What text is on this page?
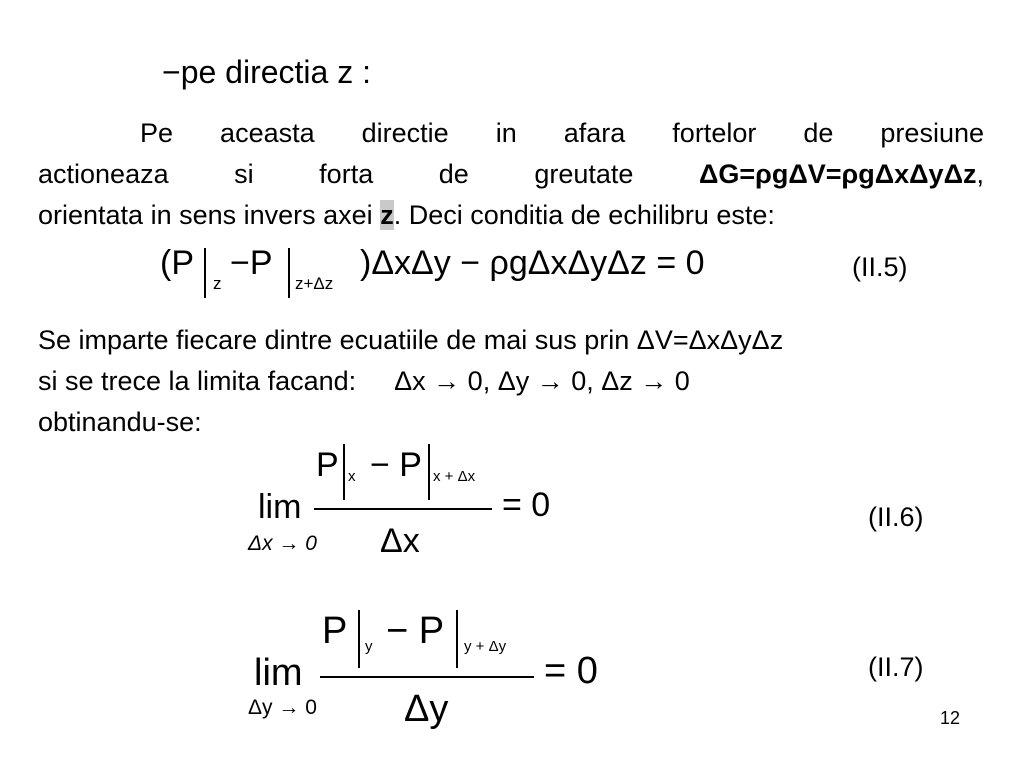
−pe directia z :
Pe aceasta directie in afara fortelor de presiune
actioneaza si forta de greutate ΔG=ρgΔV=ρgΔxΔyΔz,
orientata in sens invers axei z. Deci conditia de echilibru este:
(P
z
−P
z+Δz
)ΔxΔy − ρgΔxΔyΔz = 0	(II.5)
Se imparte fiecare dintre ecuatiile de mai sus prin ΔV=ΔxΔyΔz
si se trece la limita facand: Δx → 0, Δy → 0, Δz → 0
obtinandu-se:
lim
Δx → 0
P x − P x + Δx
Δx
= 0	(II.6)
lim
Δy → 0
P y − P y + Δy
Δy
= 0	(II.7)
12
